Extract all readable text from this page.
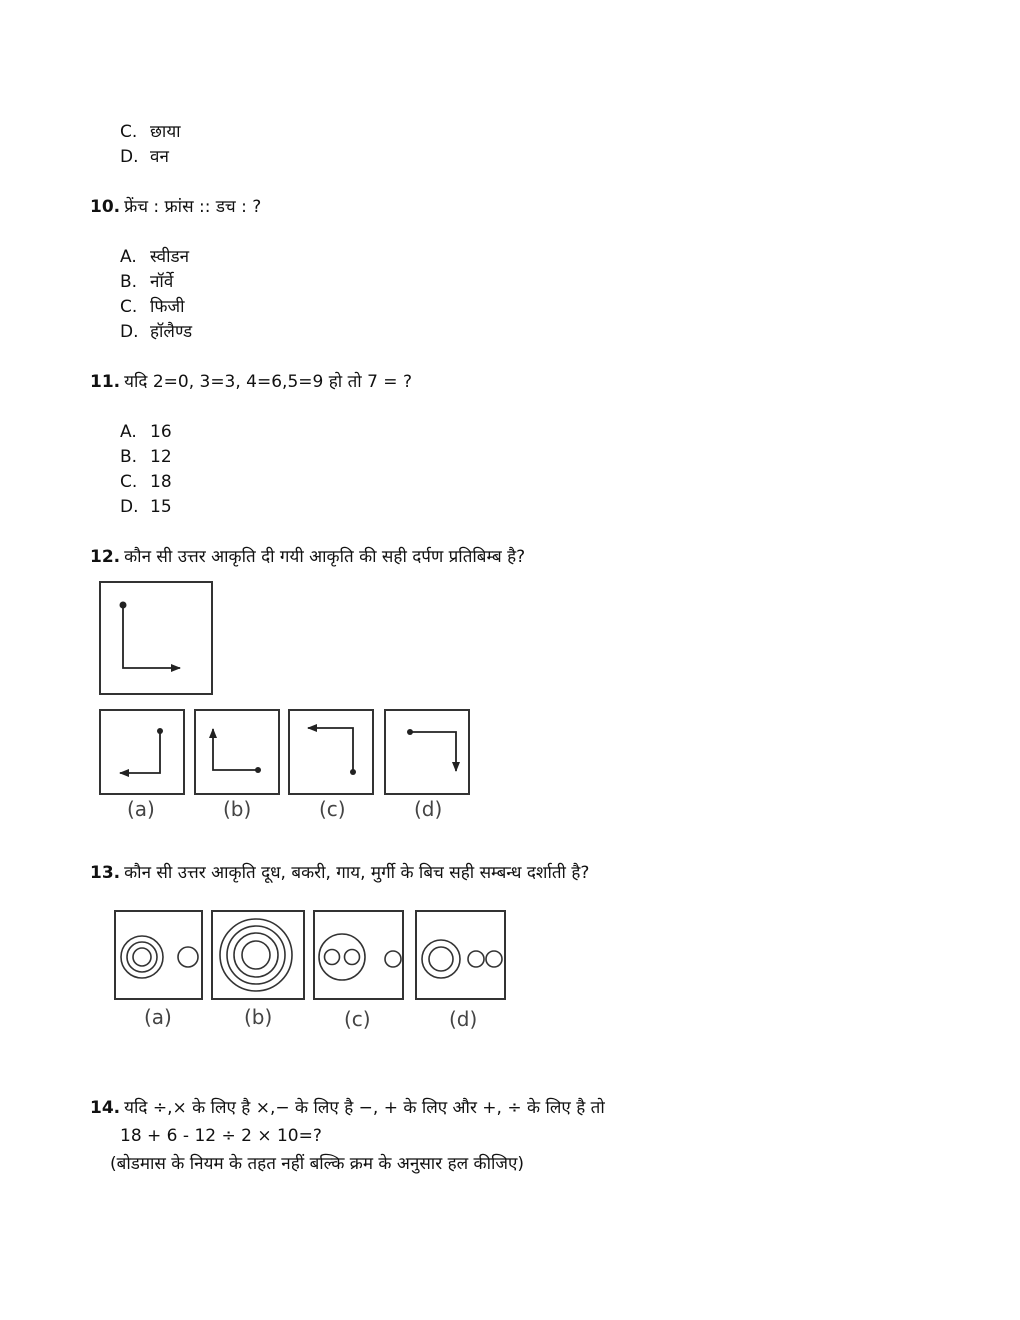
C. छाया
D. वन
10. फ्रेंच : फ्रांस :: डच : ?
A. स्वीडन
B. नॉर्वे
C. फिजी
D. हॉलैण्ड
11. यदि 2=0, 3=3, 4=6,5=9 हो तो 7 = ?
A. 16
B. 12
C. 18
D. 15
12. कौन सी उत्तर आकृति दी गयी आकृति की सही दर्पण प्रतिबिम्ब है?
(a)	(b)	(c)	(d)
13. कौन सी उत्तर आकृति दूध, बकरी, गाय, मुर्गी के बिच सही सम्बन्ध दर्शाती है?
(a)	(b)	(c)	(d)
14. यदि ÷,× के लिए है ×,− के लिए है −, + के लिए और +, ÷ के लिए है तो
18 + 6 - 12 ÷ 2 × 10=?
(बोडमास के नियम के तहत नहीं बल्कि क्रम के अनुसार हल कीजिए)
